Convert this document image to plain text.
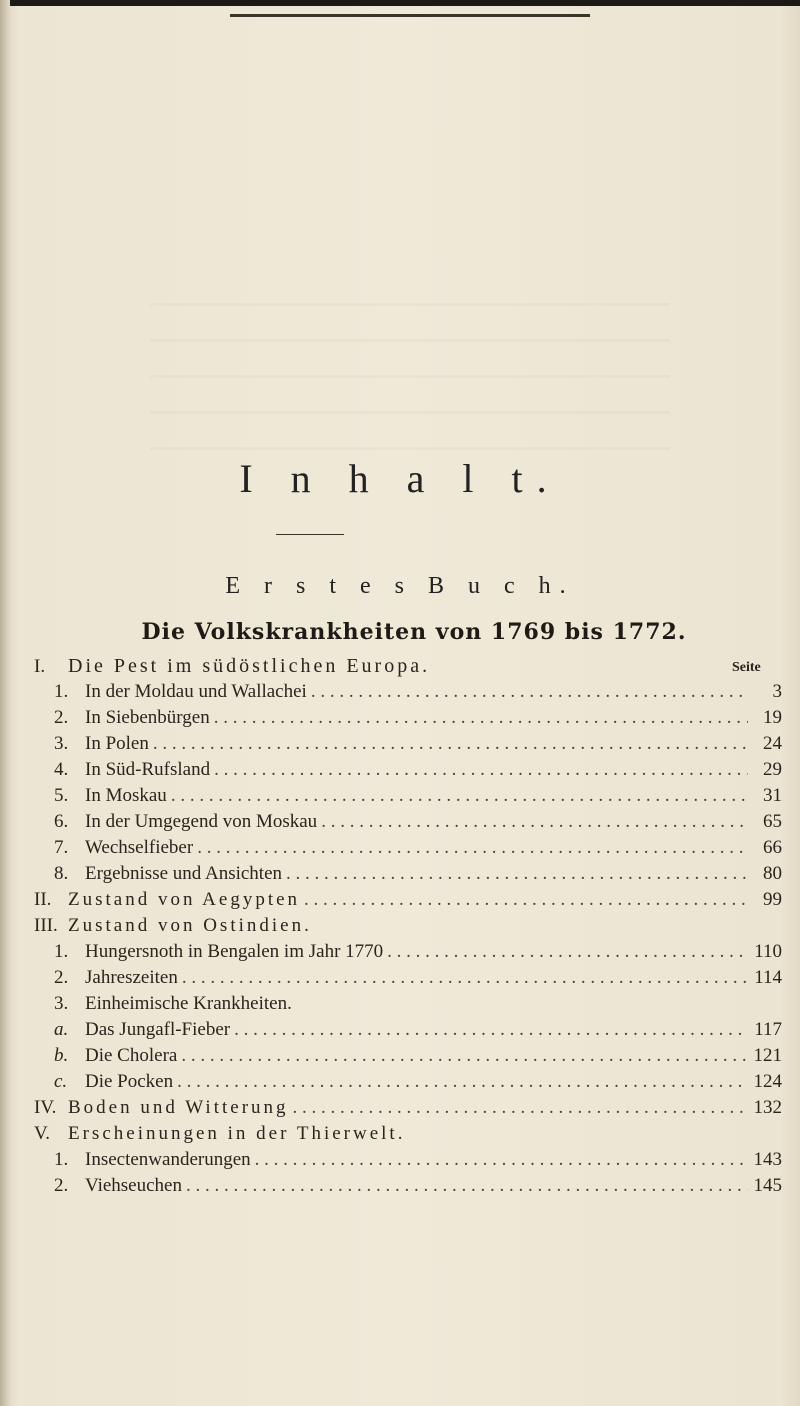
I n h a l t.
E r s t e s B u c h.
Die Volkskrankheiten von 1769 bis 1772.
Seite
I.	Die Pest im südöstlichen Europa.
1. In der Moldau und Wallachei . . .	3
2. In Siebenbürgen . . .	19
3. In Polen . . .	24
4. In Süd-Rufsland . . .	29
5. In Moskau . . .	31
6. In der Umgegend von Moskau . . .	65
7. Wechselfieber . . .	66
8. Ergebnisse und Ansichten . . .	80
II. Zustand von Aegypten . . .	99
III. Zustand von Ostindien.
1. Hungersnoth in Bengalen im Jahr 1770 . . .	110
2. Jahreszeiten . . .	114
3. Einheimische Krankheiten.
a. Das Jungafl-Fieber . . .	117
b. Die Cholera . . .	121
c. Die Pocken . . .	124
IV. Boden und Witterung . . .	132
V. Erscheinungen in der Thierwelt.
1. Insectenwanderungen . . .	143
2. Viehseuchen . . .	145
